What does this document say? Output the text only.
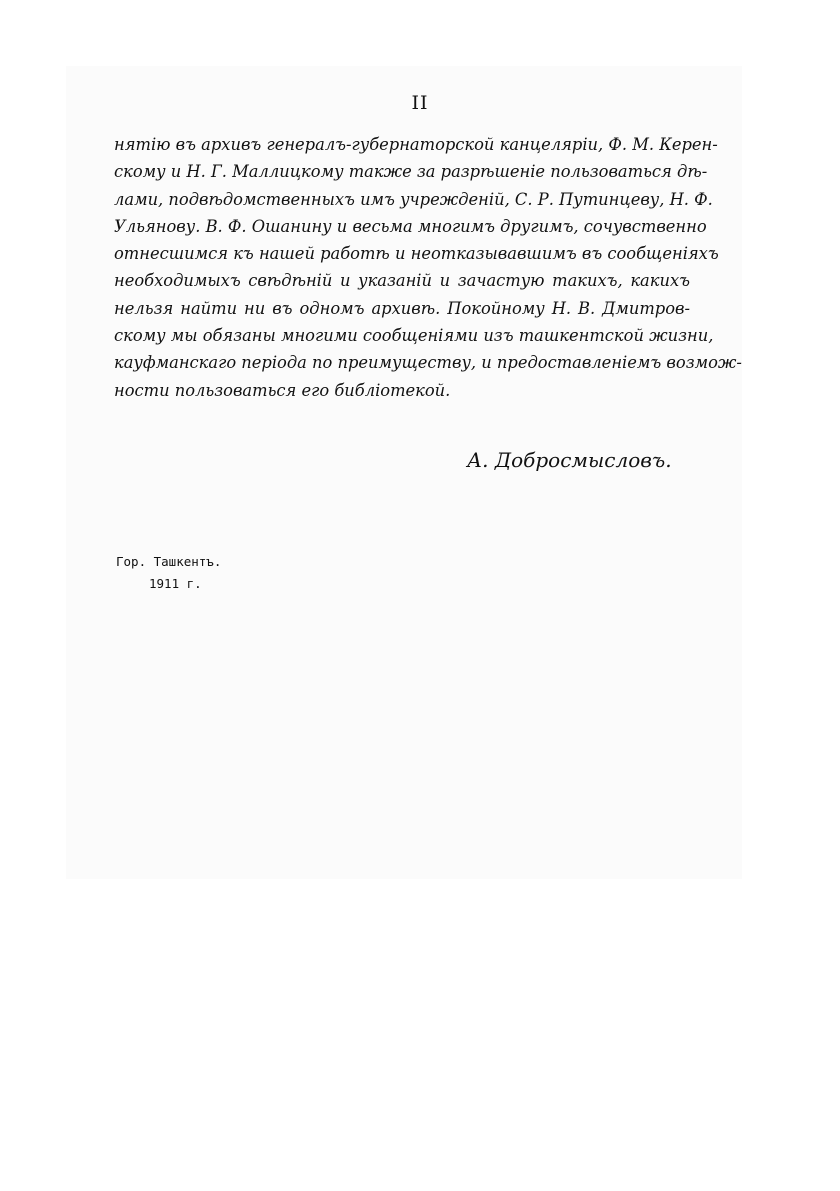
II
нятію въ архивъ генералъ-губернаторской канцеляріи, Ф. М. Керен-
скому и Н. Г. Маллицкому также за разрѣшеніе пользоваться дѣ-
лами, подвѣдомственныхъ имъ учрежденій, С. Р. Путинцеву, Н. Ф.
Ульянову. В. Ф. Ошанину и весьма многимъ другимъ, сочувственно
отнесшимся къ нашей работѣ и неотказывавшимъ въ сообщеніяхъ
необходимыхъ свѣдѣній и указаній и зачастую такихъ, какихъ
нельзя найти ни въ одномъ архивѣ. Покойному Н. В. Дмитров-
скому мы обязаны многими сообщеніями изъ ташкентской жизни,
кауфманскаго періода по преимуществу, и предоставленіемъ возмож-
ности пользоваться его библіотекой.
А. Добросмысловъ.
Гор. Ташкентъ.
1911 г.
